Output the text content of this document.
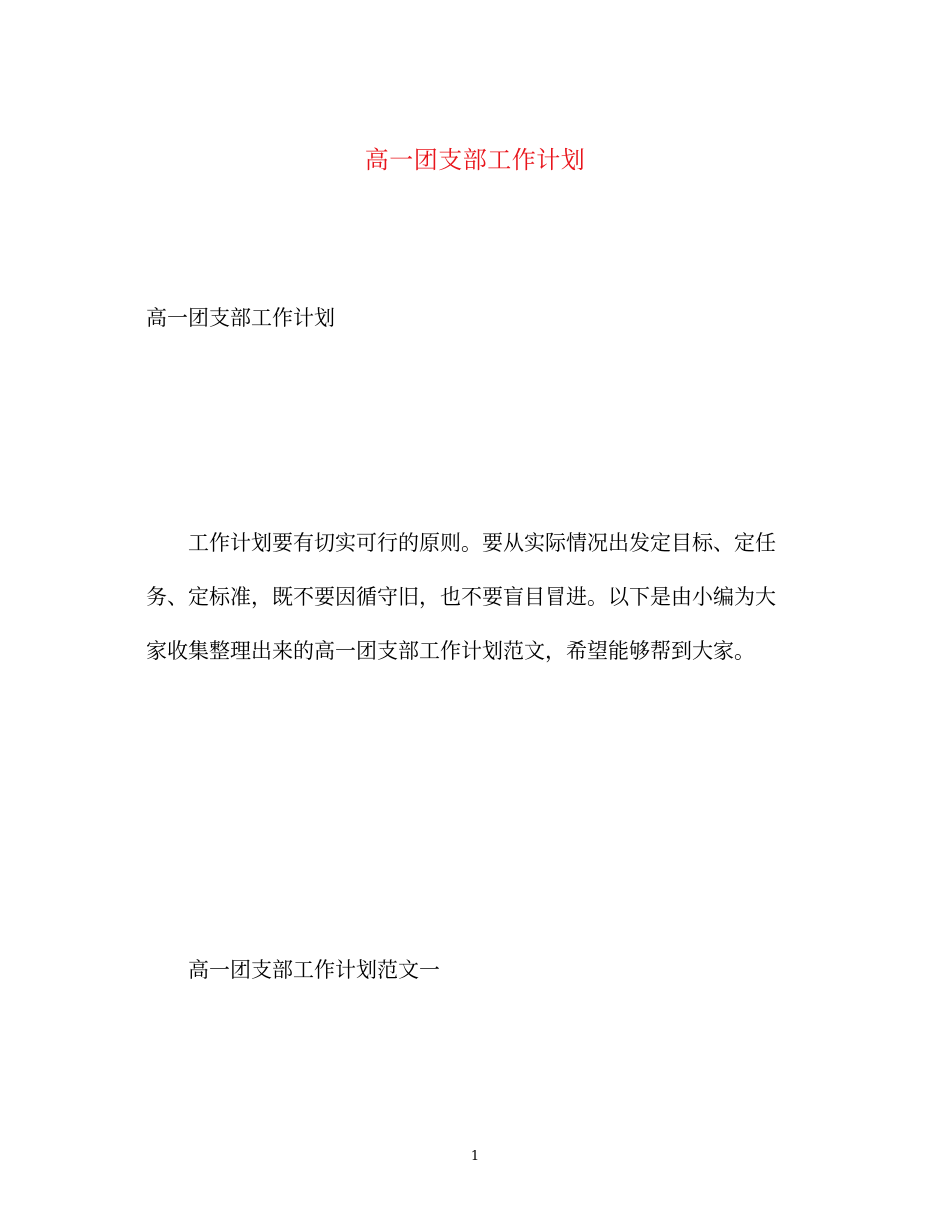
高一团支部工作计划
高一团支部工作计划

工作计划要有切实可行的原则。要从实际情况出发定目标、定任

务、定标准，既不要因循守旧，也不要盲目冒进。以下是由小编为大

家收集整理出来的高一团支部工作计划范文，希望能够帮到大家。

高一团支部工作计划范文一
1
